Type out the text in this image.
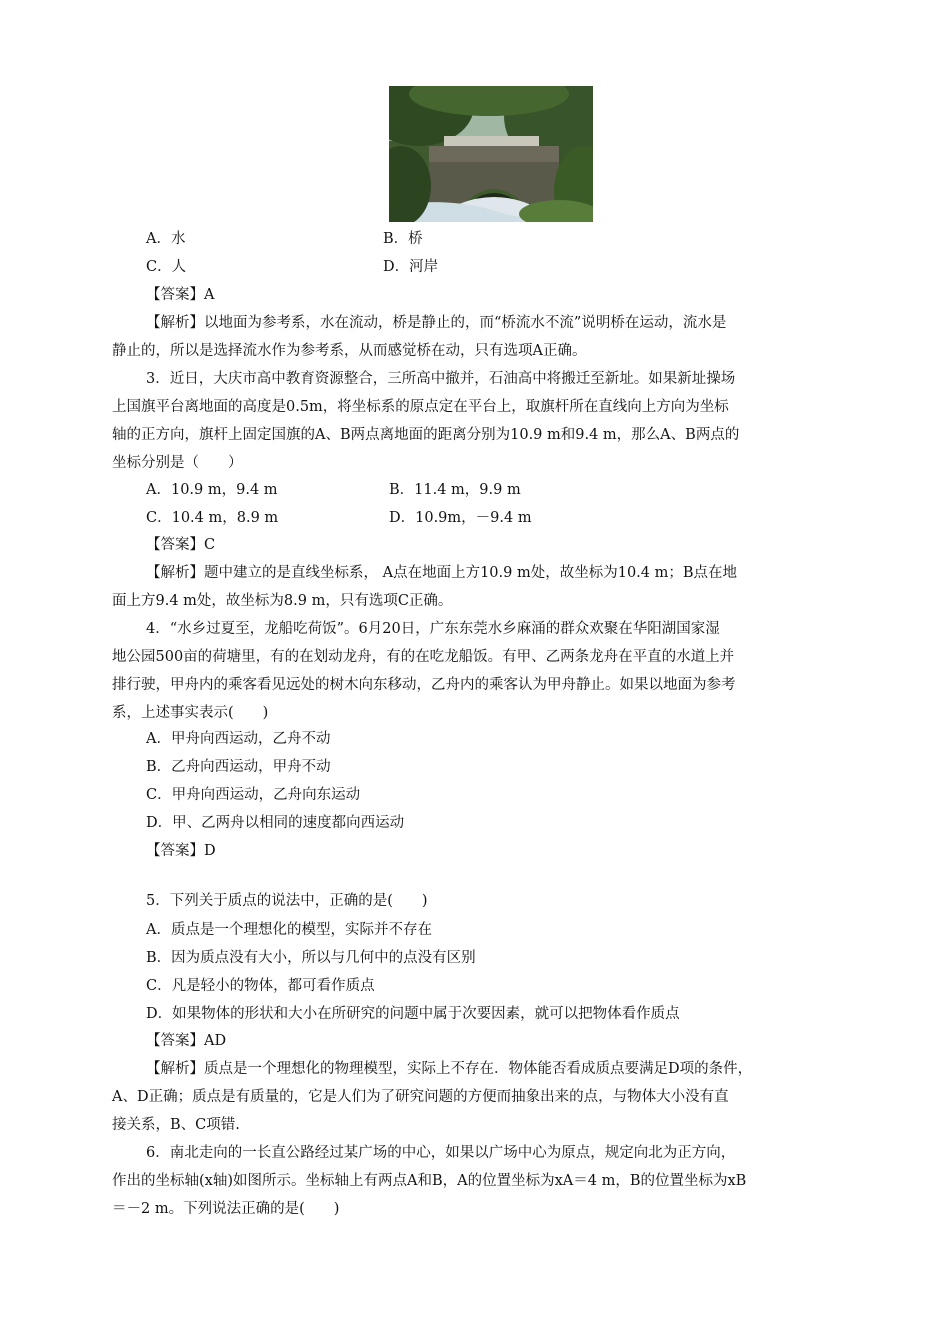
A．水	B．桥
C．人	D．河岸
【答案】A
【解析】以地面为参考系，水在流动，桥是静止的，而“桥流水不流”说明桥在运动，流水是
静止的，所以是选择流水作为参考系，从而感觉桥在动，只有选项A正确。
3．近日，大庆市高中教育资源整合，三所高中撤并，石油高中将搬迁至新址。如果新址操场
上国旗平台离地面的高度是0.5m，将坐标系的原点定在平台上，取旗杆所在直线向上方向为坐标
轴的正方向，旗杆上固定国旗的A、B两点离地面的距离分别为10.9 m和9.4 m，那么A、B两点的
坐标分别是（　　）
A．10.9 m，9.4 m	B．11.4 m，9.9 m
C．10.4 m，8.9 m	D．10.9m，－9.4 m
【答案】C
【解析】题中建立的是直线坐标系， A点在地面上方10.9 m处，故坐标为10.4 m；B点在地
面上方9.4 m处，故坐标为8.9 m，只有选项C正确。
4．“水乡过夏至，龙船吃荷饭”。6月20日，广东东莞水乡麻涌的群众欢聚在华阳湖国家湿
地公园500亩的荷塘里，有的在划动龙舟，有的在吃龙船饭。有甲、乙两条龙舟在平直的水道上并
排行驶，甲舟内的乘客看见远处的树木向东移动，乙舟内的乘客认为甲舟静止。如果以地面为参考
系，上述事实表示(　　)
A．甲舟向西运动，乙舟不动
B．乙舟向西运动，甲舟不动
C．甲舟向西运动，乙舟向东运动
D．甲、乙两舟以相同的速度都向西运动
【答案】D
5．下列关于质点的说法中，正确的是(　　)
A．质点是一个理想化的模型，实际并不存在
B．因为质点没有大小，所以与几何中的点没有区别
C．凡是轻小的物体，都可看作质点
D．如果物体的形状和大小在所研究的问题中属于次要因素，就可以把物体看作质点
【答案】AD
【解析】质点是一个理想化的物理模型，实际上不存在．物体能否看成质点要满足D项的条件，
A、D正确；质点是有质量的，它是人们为了研究问题的方便而抽象出来的点，与物体大小没有直
接关系，B、C项错.
6．南北走向的一长直公路经过某广场的中心，如果以广场中心为原点，规定向北为正方向，
作出的坐标轴(x轴)如图所示。坐标轴上有两点A和B，A的位置坐标为xA＝4 m，B的位置坐标为xB
＝－2 m。下列说法正确的是(　　)
